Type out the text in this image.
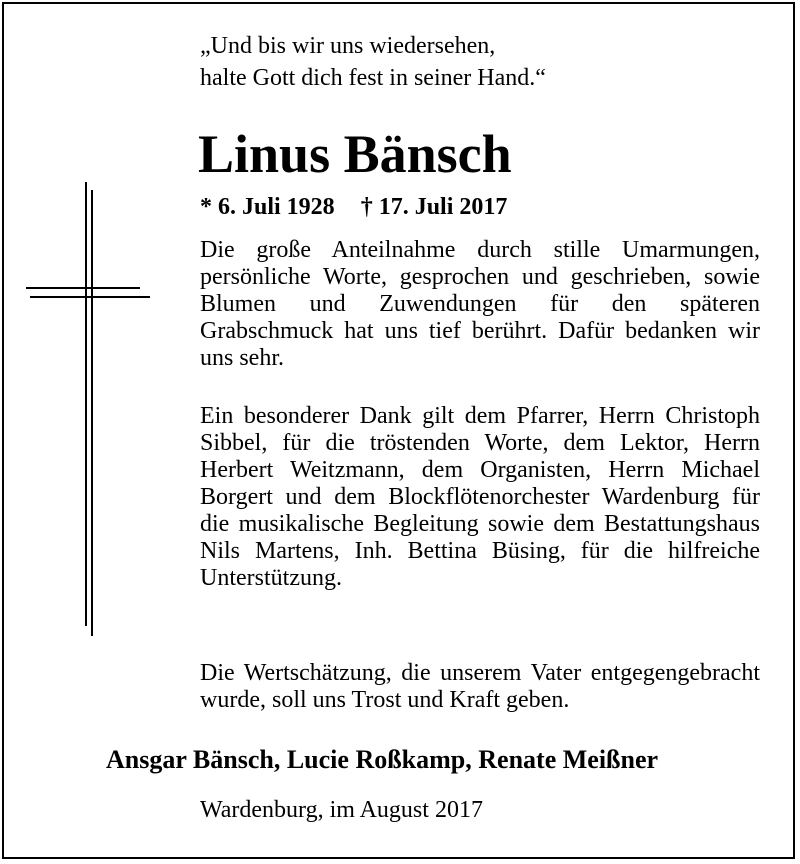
„Und bis wir uns wiedersehen,
halte Gott dich fest in seiner Hand.“
Linus Bänsch
* 6. Juli 1928 † 17. Juli 2017
Die große Anteilnahme durch stille Umarmungen, persönliche Worte, gesprochen und geschrieben, sowie Blumen und Zuwendungen für den späteren Grabschmuck hat uns tief berührt. Dafür bedanken wir uns sehr.
Ein besonderer Dank gilt dem Pfarrer, Herrn Christoph Sibbel, für die tröstenden Worte, dem Lektor, Herrn Herbert Weitzmann, dem Organisten, Herrn Michael Borgert und dem Blockflötenorchester Wardenburg für die musikalische Begleitung sowie dem Bestattungshaus Nils Martens, Inh. Bettina Büsing, für die hilfreiche Unterstützung.
Die Wertschätzung, die unserem Vater entgegengebracht wurde, soll uns Trost und Kraft geben.
Ansgar Bänsch, Lucie Roßkamp, Renate Meißner
Wardenburg, im August 2017
